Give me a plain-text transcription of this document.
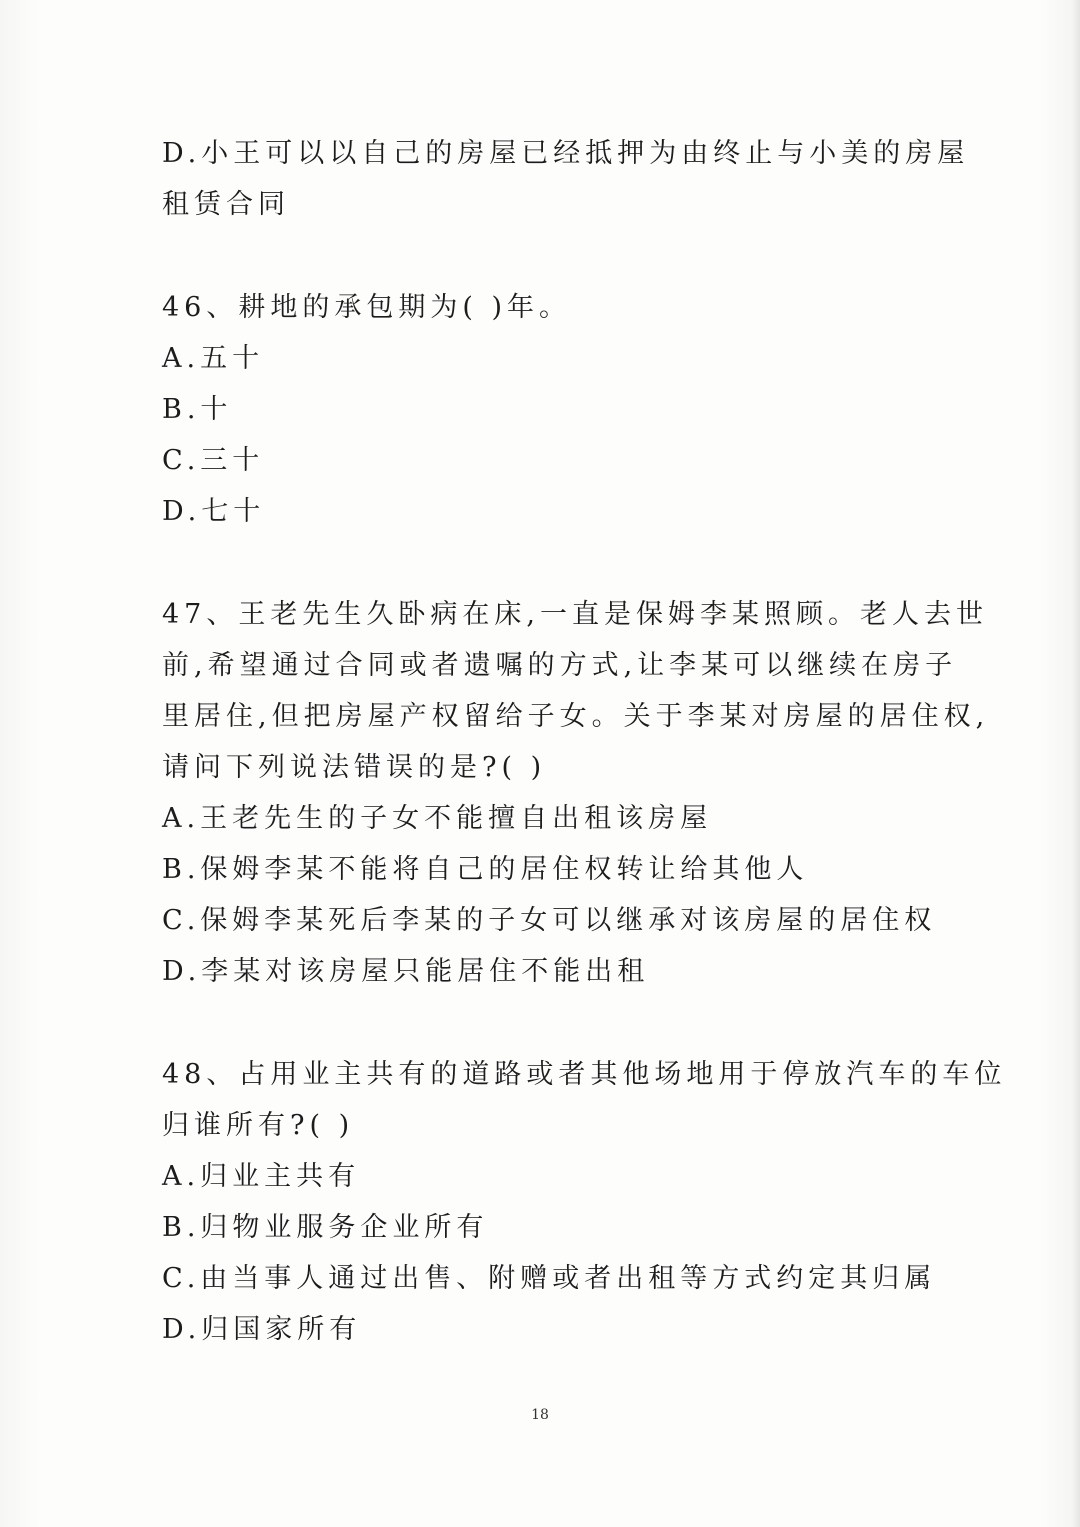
D.小王可以以自己的房屋已经抵押为由终止与小美的房屋
租赁合同
46、耕地的承包期为( )年。
A.五十
B.十
C.三十
D.七十
47、王老先生久卧病在床,一直是保姆李某照顾。老人去世
前,希望通过合同或者遗嘱的方式,让李某可以继续在房子
里居住,但把房屋产权留给子女。关于李某对房屋的居住权,
请问下列说法错误的是?( )
A.王老先生的子女不能擅自出租该房屋
B.保姆李某不能将自己的居住权转让给其他人
C.保姆李某死后李某的子女可以继承对该房屋的居住权
D.李某对该房屋只能居住不能出租
48、占用业主共有的道路或者其他场地用于停放汽车的车位
归谁所有?( )
A.归业主共有
B.归物业服务企业所有
C.由当事人通过出售、附赠或者出租等方式约定其归属
D.归国家所有
18
